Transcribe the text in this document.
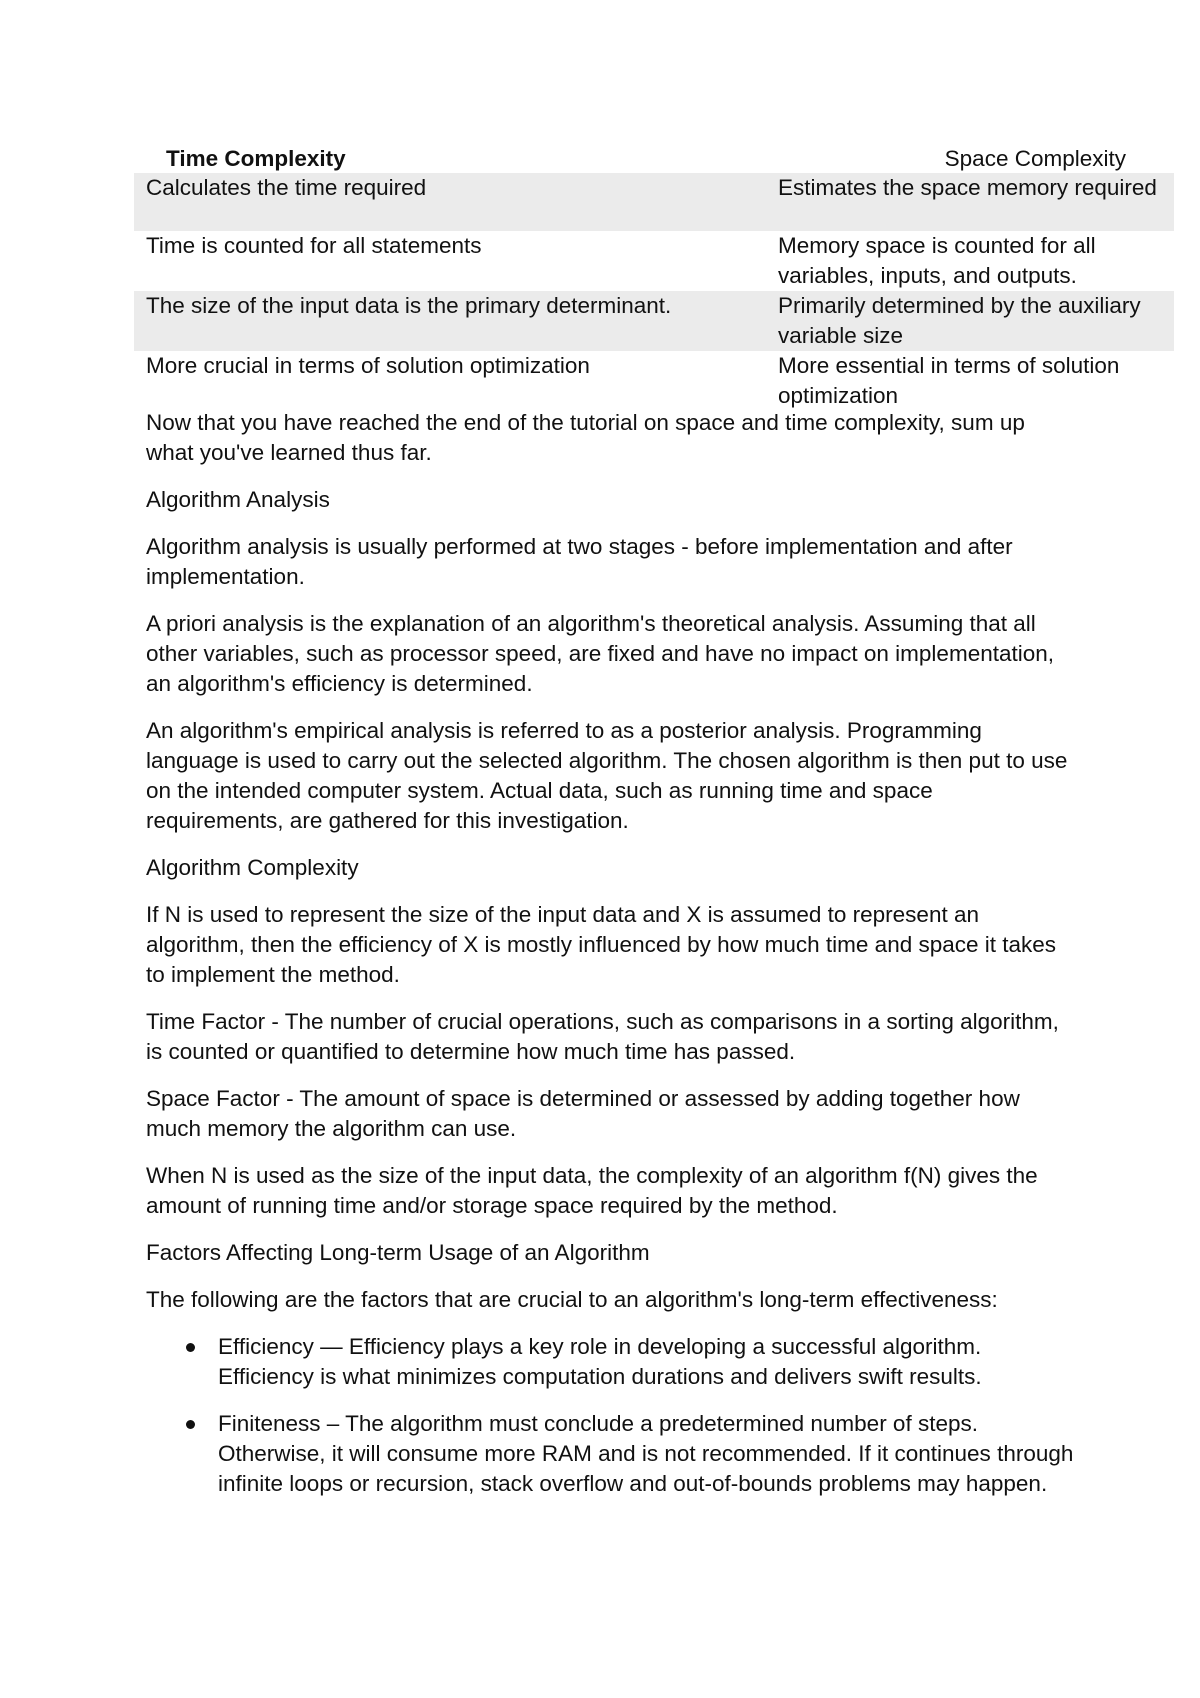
Time Complexity	Space Complexity
Calculates the time required	Estimates the space memory required
Time is counted for all statements	Memory space is counted for all variables, inputs, and outputs.
The size of the input data is the primary determinant.	Primarily determined by the auxiliary variable size
More crucial in terms of solution optimization	More essential in terms of solution optimization

Now that you have reached the end of the tutorial on space and time complexity, sum up what you've learned thus far.

Algorithm Analysis

Algorithm analysis is usually performed at two stages - before implementation and after implementation.

A priori analysis is the explanation of an algorithm's theoretical analysis. Assuming that all other variables, such as processor speed, are fixed and have no impact on implementation, an algorithm's efficiency is determined.

An algorithm's empirical analysis is referred to as a posterior analysis. Programming language is used to carry out the selected algorithm. The chosen algorithm is then put to use on the intended computer system. Actual data, such as running time and space requirements, are gathered for this investigation.

Algorithm Complexity

If N is used to represent the size of the input data and X is assumed to represent an algorithm, then the efficiency of X is mostly influenced by how much time and space it takes to implement the method.

Time Factor - The number of crucial operations, such as comparisons in a sorting algorithm, is counted or quantified to determine how much time has passed.

Space Factor - The amount of space is determined or assessed by adding together how much memory the algorithm can use.

When N is used as the size of the input data, the complexity of an algorithm f(N) gives the amount of running time and/or storage space required by the method.

Factors Affecting Long-term Usage of an Algorithm

The following are the factors that are crucial to an algorithm's long-term effectiveness:

Efficiency — Efficiency plays a key role in developing a successful algorithm. Efficiency is what minimizes computation durations and delivers swift results.
Finiteness – The algorithm must conclude a predetermined number of steps. Otherwise, it will consume more RAM and is not recommended. If it continues through infinite loops or recursion, stack overflow and out-of-bounds problems may happen.
